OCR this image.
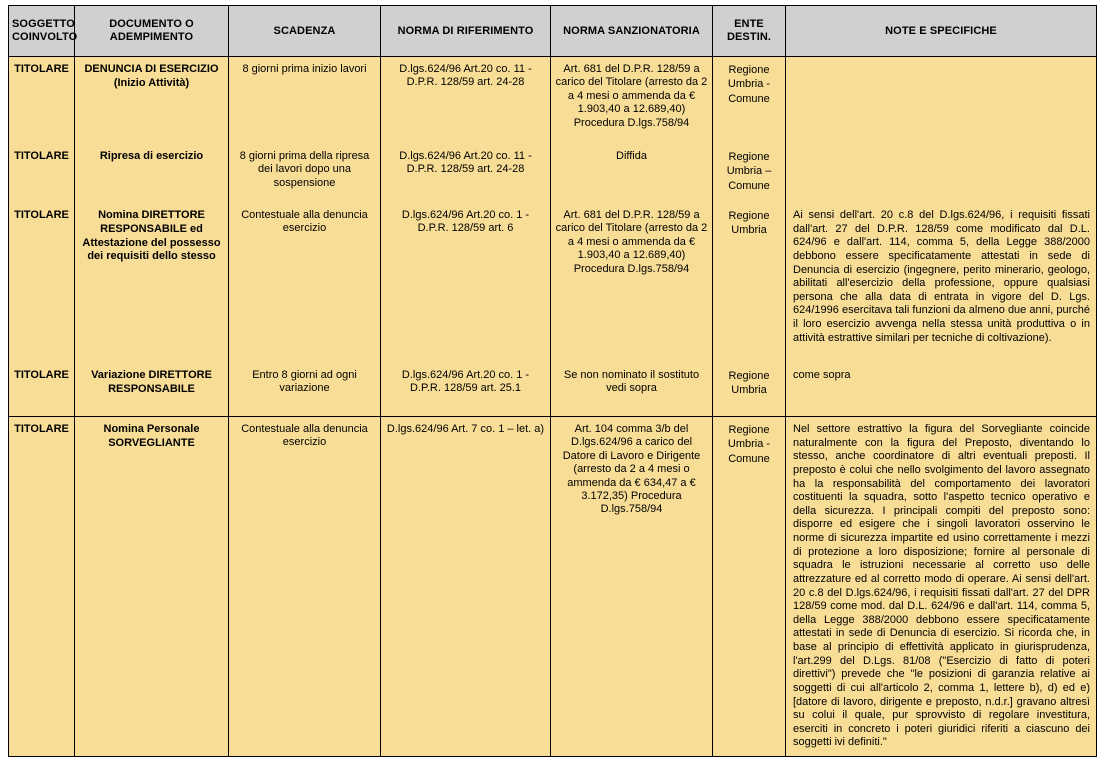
SOGGETTO COINVOLTO	DOCUMENTO O ADEMPIMENTO	SCADENZA	NORMA DI RIFERIMENTO	NORMA SANZIONATORIA	ENTE DESTIN.	NOTE E SPECIFICHE
TITOLARE	DENUNCIA DI ESERCIZIO (Inizio Attività)	8 giorni prima inizio lavori	D.lgs.624/96 Art.20 co. 11 - D.P.R. 128/59 art. 24-28	Art. 681 del D.P.R. 128/59 a carico del Titolare (arresto da 2 a 4 mesi o ammenda da € 1.903,40 a 12.689,40) Procedura D.lgs.758/94	Regione Umbria - Comune	
TITOLARE	Ripresa di esercizio	8 giorni prima della ripresa dei lavori dopo una sospensione	D.lgs.624/96 Art.20 co. 11 - D.P.R. 128/59 art. 24-28	Diffida	Regione Umbria – Comune	
TITOLARE	Nomina DIRETTORE RESPONSABILE ed Attestazione del possesso dei requisiti dello stesso	Contestuale alla denuncia esercizio	D.lgs.624/96 Art.20 co. 1 - D.P.R. 128/59 art. 6	Art. 681 del D.P.R. 128/59 a carico del Titolare (arresto da 2 a 4 mesi o ammenda da € 1.903,40 a 12.689,40) Procedura D.lgs.758/94	Regione Umbria	Ai sensi dell'art. 20 c.8 del D.lgs.624/96, i requisiti fissati dall'art. 27 del D.P.R. 128/59 come modificato dal D.L. 624/96 e dall'art. 114, comma 5, della Legge 388/2000 debbono essere specificatamente attestati in sede di Denuncia di esercizio (ingegnere, perito minerario, geologo, abilitati all'esercizio della professione, oppure qualsiasi persona che alla data di entrata in vigore del D. Lgs. 624/1996 esercitava tali funzioni da almeno due anni, purché il loro esercizio avvenga nella stessa unità produttiva o in attività estrattive similari per tecniche di coltivazione).
TITOLARE	Variazione DIRETTORE RESPONSABILE	Entro 8 giorni ad ogni variazione	D.lgs.624/96 Art.20 co. 1 - D.P.R. 128/59 art. 25.1	Se non nominato il sostituto vedi sopra	Regione Umbria	come sopra
TITOLARE	Nomina Personale SORVEGLIANTE	Contestuale alla denuncia esercizio	D.lgs.624/96 Art. 7 co. 1 – let. a)	Art. 104 comma 3/b del D.lgs.624/96 a carico del Datore di Lavoro e Dirigente (arresto da 2 a 4 mesi o ammenda da € 634,47 a € 3.172,35) Procedura D.lgs.758/94	Regione Umbria - Comune	Nel settore estrattivo la figura del Sorvegliante coincide naturalmente con la figura del Preposto, diventando lo stesso, anche coordinatore di altri eventuali preposti. Il preposto è colui che nello svolgimento del lavoro assegnato ha la responsabilità del comportamento dei lavoratori costituenti la squadra, sotto l'aspetto tecnico operativo e della sicurezza. I principali compiti del preposto sono: disporre ed esigere che i singoli lavoratori osservino le norme di sicurezza impartite ed usino correttamente i mezzi di protezione a loro disposizione; fornire al personale di squadra le istruzioni necessarie al corretto uso delle attrezzature ed al corretto modo di operare. Ai sensi dell'art. 20 c.8 del D.lgs.624/96, i requisiti fissati dall'art. 27 del DPR 128/59 come mod. dal D.L. 624/96 e dall'art. 114, comma 5, della Legge 388/2000 debbono essere specificatamente attestati in sede di Denuncia di esercizio. Si ricorda che, in base al principio di effettività applicato in giurisprudenza, l'art.299 del D.Lgs. 81/08 ("Esercizio di fatto di poteri direttivi") prevede che "le posizioni di garanzia relative ai soggetti di cui all'articolo 2, comma 1, lettere b), d) ed e) [datore di lavoro, dirigente e preposto, n.d.r.] gravano altresì su colui il quale, pur sprovvisto di regolare investitura, eserciti in concreto i poteri giuridici riferiti a ciascuno dei soggetti ivi definiti."
